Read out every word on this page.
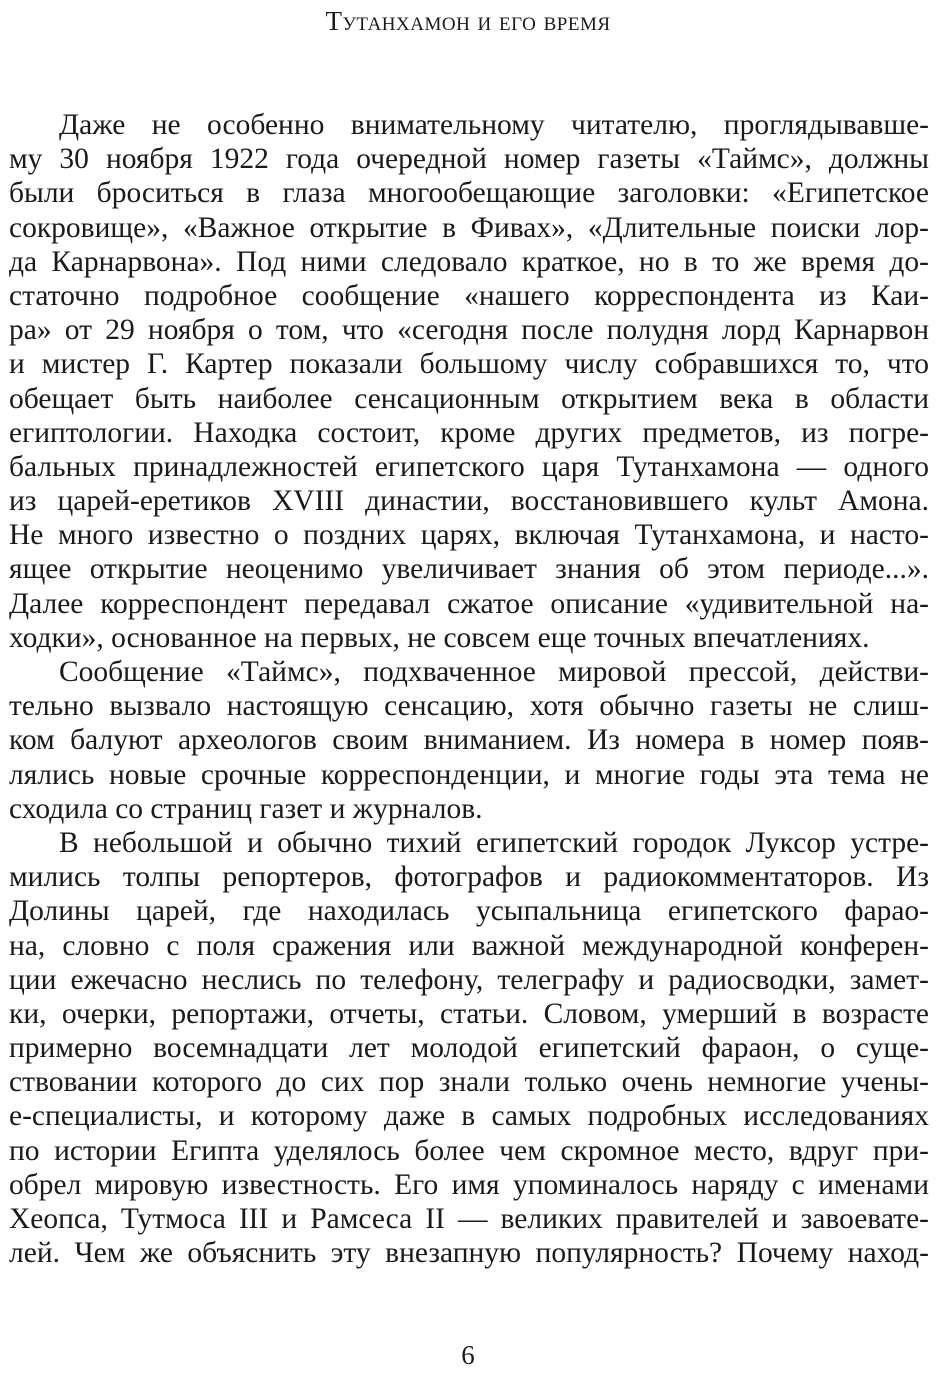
Тутанхамон и его время
Даже не особенно внимательному читателю, проглядывавше-
му 30 ноября 1922 года очередной номер газеты «Таймс», должны
были броситься в глаза многообещающие заголовки: «Египетское
сокровище», «Важное открытие в Фивах», «Длительные поиски лор-
да Карнарвона». Под ними следовало краткое, но в то же время до-
статочно подробное сообщение «нашего корреспондента из Каи-
ра» от 29 ноября о том, что «сегодня после полудня лорд Карнарвон
и мистер Г. Картер показали большому числу собравшихся то, что
обещает быть наиболее сенсационным открытием века в области
египтологии. Находка состоит, кроме других предметов, из погре-
бальных принадлежностей египетского царя Тутанхамона — одного
из царей-еретиков XVIII династии, восстановившего культ Амона.
Не много известно о поздних царях, включая Тутанхамона, и насто-
ящее открытие неоценимо увеличивает знания об этом периоде...».
Далее корреспондент передавал сжатое описание «удивительной на-
ходки», основанное на первых, не совсем еще точных впечатлениях.
Сообщение «Таймс», подхваченное мировой прессой, действи-
тельно вызвало настоящую сенсацию, хотя обычно газеты не слиш-
ком балуют археологов своим вниманием. Из номера в номер появ-
лялись новые срочные корреспонденции, и многие годы эта тема не
сходила со страниц газет и журналов.
В небольшой и обычно тихий египетский городок Луксор устре-
мились толпы репортеров, фотографов и радиокомментаторов. Из
Долины царей, где находилась усыпальница египетского фарао-
на, словно с поля сражения или важной международной конферен-
ции ежечасно неслись по телефону, телеграфу и радиосводки, замет-
ки, очерки, репортажи, отчеты, статьи. Словом, умерший в возрасте
примерно восемнадцати лет молодой египетский фараон, о суще-
ствовании которого до сих пор знали только очень немногие учены-
е-специалисты, и которому даже в самых подробных исследованиях
по истории Египта уделялось более чем скромное место, вдруг при-
обрел мировую известность. Его имя упоминалось наряду с именами
Хеопса, Тутмоса III и Рамсеса II — великих правителей и завоевате-
лей. Чем же объяснить эту внезапную популярность? Почему наход-
6
